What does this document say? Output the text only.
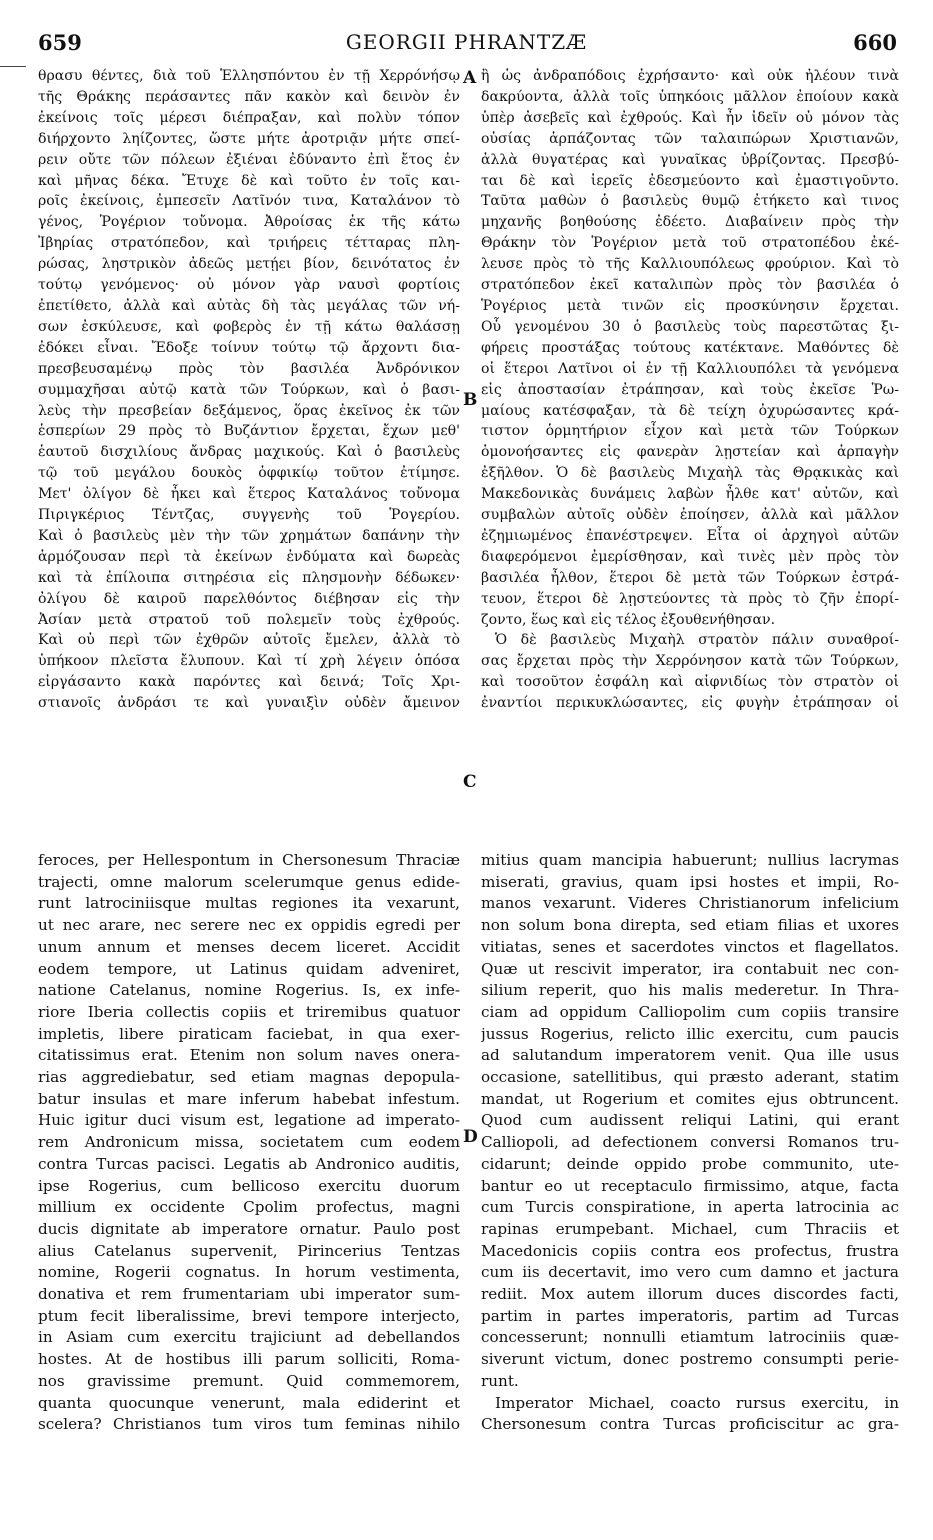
659	GEORGII PHRANTZÆ	660
θρασυ θέντες, διὰ τοῦ Ἑλλησπόντου ἐν τῇ Χερρόνήσῳ
τῆς Θράκης περάσαντες πᾶν κακὸν καὶ δεινὸν ἐν
ἐκείνοις τοῖς μέρεσι διέπραξαν, καὶ πολὺν τόπον
διήρχοντο ληίζοντες, ὥστε μήτε ἀροτριᾷν μήτε σπεί-
ρειν οὔτε τῶν πόλεων ἐξιέναι ἐδύναντο ἐπὶ ἔτος ἐν
καὶ μῆνας δέκα. Ἔτυχε δὲ καὶ τοῦτο ἐν τοῖς και-
ροῖς ἐκείνοις, ἐμπεσεῖν Λατῖνόν τινα, Καταλάνον τὸ
γένος, Ῥογέριον τοὔνομα. Ἀθροίσας ἐκ τῆς κάτω
Ἰβηρίας στρατόπεδον, καὶ τριήρεις τέτταρας πλη-
ρώσας, ληστρικὸν ἀδεῶς μετῄει βίον, δεινότατος ἐν
τούτῳ γενόμενος· οὐ μόνον γὰρ ναυσὶ φορτίοις
ἐπετίθετο, ἀλλὰ καὶ αὐτὰς δὴ τὰς μεγάλας τῶν νή-
σων ἐσκύλευσε, καὶ φοβερὸς ἐν τῇ κάτω θαλάσσῃ
ἐδόκει εἶναι. Ἔδοξε τοίνυν τούτῳ τῷ ἄρχοντι δια-
πρεσβευσαμένῳ πρὸς τὸν βασιλέα Ἀνδρόνικον
συμμαχῆσαι αὐτῷ κατὰ τῶν Τούρκων, καὶ ὁ βασι-
λεὺς τὴν πρεσβείαν δεξάμενος, ὅρας ἐκεῖνος ἐκ τῶν
ἑσπερίων 29 πρὸς τὸ Βυζάντιον ἔρχεται, ἔχων μεθ'
ἑαυτοῦ δισχιλίους ἄνδρας μαχικούς. Καὶ ὁ βασιλεὺς
τῷ τοῦ μεγάλου δουκὸς ὀφφικίῳ τοῦτον ἐτίμησε.
Μετ' ὀλίγον δὲ ἦκει καὶ ἕτερος Καταλάνος τοὔνομα
Πιριγκέριος Τέντζας, συγγενὴς τοῦ Ῥογερίου.
Καὶ ὁ βασιλεὺς μὲν τὴν τῶν χρημάτων δαπάνην τὴν
ἁρμόζουσαν περὶ τὰ ἐκείνων ἐνδύματα καὶ δωρεὰς
καὶ τὰ ἐπίλοιπα σιτηρέσια εἰς πλησμονὴν δέδωκεν·
ὀλίγου δὲ καιροῦ παρελθόντος διέβησαν εἰς τὴν
Ἀσίαν μετὰ στρατοῦ τοῦ πολεμεῖν τοὺς ἐχθρούς.
Καὶ οὐ περὶ τῶν ἐχθρῶν αὐτοῖς ἔμελεν, ἀλλὰ τὸ
ὑπήκοον πλεῖστα ἔλυπουν. Καὶ τί χρὴ λέγειν ὁπόσα
εἰργάσαντο κακὰ παρόντες καὶ δεινά; Τοῖς Χρι-
στιανοῖς ἀνδράσι τε καὶ γυναιξὶν οὐδὲν ἄμεινον
ἢ ὡς ἀνδραπόδοις ἐχρήσαντο· καὶ οὐκ ἠλέουν τινὰ
δακρύοντα, ἀλλὰ τοῖς ὑπηκόοις μᾶλλον ἐποίουν κακὰ
ὑπὲρ ἀσεβεῖς καὶ ἐχθρούς. Καὶ ἦν ἰδεῖν οὐ μόνον τὰς
οὐσίας ἁρπάζοντας τῶν ταλαιπώρων Χριστιανῶν,
ἀλλὰ θυγατέρας καὶ γυναῖκας ὑβρίζοντας. Πρεσβύ-
ται δὲ καὶ ἱερεῖς ἐδεσμεύοντο καὶ ἐμαστιγοῦντο.
Ταῦτα μαθὼν ὁ βασιλεὺς θυμῷ ἐτήκετο καὶ τινος
μηχανῆς βοηθούσης ἐδέετο. Διαβαίνειν πρὸς τὴν
Θράκην τὸν Ῥογέριον μετὰ τοῦ στρατοπέδου ἐκέ-
λευσε πρὸς τὸ τῆς Καλλιουπόλεως φρούριον. Καὶ τὸ
στρατόπεδον ἐκεῖ καταλιπὼν πρὸς τὸν βασιλέα ὁ
Ῥογέριος μετὰ τινῶν εἰς προσκύνησιν ἔρχεται.
Οὗ γενομένου 30 ὁ βασιλεὺς τοὺς παρεστῶτας ξι-
φήρεις προστάξας τούτους κατέκτανε. Μαθόντες δὲ
οἱ ἕτεροι Λατῖνοι οἱ ἐν τῇ Καλλιουπόλει τὰ γενόμενα
εἰς ἀποστασίαν ἐτράπησαν, καὶ τοὺς ἐκεῖσε Ῥω-
μαίους κατέσφαξαν, τὰ δὲ τείχη ὀχυρώσαντες κρά-
τιστον ὁρμητήριον εἶχον καὶ μετὰ τῶν Τούρκων
ὁμονοήσαντες εἰς φανερὰν λῃστείαν καὶ ἁρπαγὴν
ἐξῆλθον. Ὁ δὲ βασιλεὺς Μιχαὴλ τὰς Θρᾳκικὰς καὶ
Μακεδονικὰς δυνάμεις λαβὼν ἦλθε κατ' αὐτῶν, καὶ
συμβαλὼν αὐτοῖς οὐδὲν ἐποίησεν, ἀλλὰ καὶ μᾶλλον
ἐζημιωμένος ἐπανέστρεψεν. Εἶτα οἱ ἀρχηγοὶ αὐτῶν
διαφερόμενοι ἐμερίσθησαν, καὶ τινὲς μὲν πρὸς τὸν
βασιλέα ἦλθον, ἕτεροι δὲ μετὰ τῶν Τούρκων ἐστρά-
τευον, ἕτεροι δὲ λῃστεύοντες τὰ πρὸς τὸ ζῆν ἐπορί-
ζοντο, ἕως καὶ εἰς τέλος ἐξουθενήθησαν.
Ὁ δὲ βασιλεὺς Μιχαὴλ στρατὸν πάλιν συναθροί-
σας ἔρχεται πρὸς τὴν Χερρόνησον κατὰ τῶν Τούρκων,
καὶ τοσοῦτον ἐσφάλη καὶ αἰφνιδίως τὸν στρατὸν οἱ
ἐναντίοι περικυκλώσαντες, εἰς φυγὴν ἐτράπησαν οἱ
feroces, per Hellespontum in Chersonesum Thraciæ
trajecti, omne malorum scelerumque genus edide-
runt latrociniisque multas regiones ita vexarunt,
ut nec arare, nec serere nec ex oppidis egredi per
unum annum et menses decem liceret. Accidit
eodem tempore, ut Latinus quidam adveniret,
natione Catelanus, nomine Rogerius. Is, ex infe-
riore Iberia collectis copiis et triremibus quatuor
impletis, libere piraticam faciebat, in qua exer-
citatissimus erat. Etenim non solum naves onera-
rias aggrediebatur, sed etiam magnas depopula-
batur insulas et mare inferum habebat infestum.
Huic igitur duci visum est, legatione ad imperato-
rem Andronicum missa, societatem cum eodem
contra Turcas pacisci. Legatis ab Andronico auditis,
ipse Rogerius, cum bellicoso exercitu duorum
millium ex occidente Cpolim profectus, magni
ducis dignitate ab imperatore ornatur. Paulo post
alius Catelanus supervenit, Pirincerius Tentzas
nomine, Rogerii cognatus. In horum vestimenta,
donativa et rem frumentariam ubi imperator sum-
ptum fecit liberalissime, brevi tempore interjecto,
in Asiam cum exercitu trajiciunt ad debellandos
hostes. At de hostibus illi parum solliciti, Roma-
nos gravissime premunt. Quid commemorem,
quanta quocunque venerunt, mala ediderint et
scelera? Christianos tum viros tum feminas nihilo
mitius quam mancipia habuerunt; nullius lacrymas
miserati, gravius, quam ipsi hostes et impii, Ro-
manos vexarunt. Videres Christianorum infelicium
non solum bona direpta, sed etiam filias et uxores
vitiatas, senes et sacerdotes vinctos et flagellatos.
Quæ ut rescivit imperator, ira contabuit nec con-
silium reperit, quo his malis mederetur. In Thra-
ciam ad oppidum Calliopolim cum copiis transire
jussus Rogerius, relicto illic exercitu, cum paucis
ad salutandum imperatorem venit. Qua ille usus
occasione, satellitibus, qui præsto aderant, statim
mandat, ut Rogerium et comites ejus obtruncent.
Quod cum audissent reliqui Latini, qui erant
Calliopoli, ad defectionem conversi Romanos tru-
cidarunt; deinde oppido probe communito, ute-
bantur eo ut receptaculo firmissimo, atque, facta
cum Turcis conspiratione, in aperta latrocinia ac
rapinas erumpebant. Michael, cum Thraciis et
Macedonicis copiis contra eos profectus, frustra
cum iis decertavit, imo vero cum damno et jactura
rediit. Mox autem illorum duces discordes facti,
partim in partes imperatoris, partim ad Turcas
concesserunt; nonnulli etiamtum latrociniis quæ-
siverunt victum, donec postremo consumpti perie-
runt.
Imperator Michael, coacto rursus exercitu, in
Chersonesum contra Turcas proficiscitur ac gra-
A
B
C
D
